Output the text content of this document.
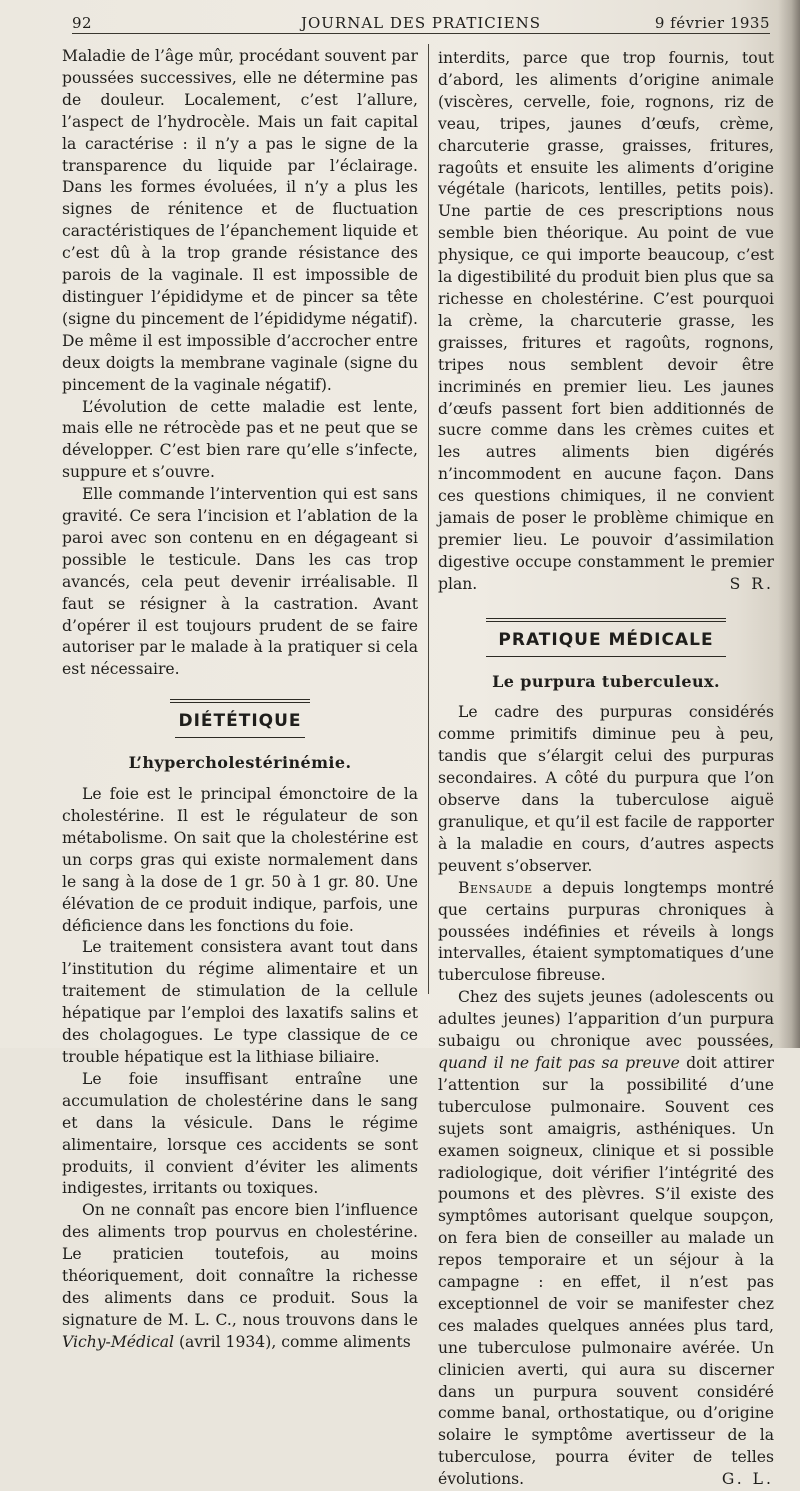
92	JOURNAL DES PRATICIENS	9 février 1935

Maladie de l’âge mûr, procédant souvent par poussées successives, elle ne détermine pas de douleur. Localement, c’est l’allure, l’aspect de l’hydrocèle. Mais un fait capital la caractérise : il n’y a pas le signe de la transparence du liquide par l’éclairage. Dans les formes évoluées, il n’y a plus les signes de rénitence et de fluctuation caractéristiques de l’épanchement liquide et c’est dû à la trop grande résistance des parois de la vaginale. Il est impossible de distinguer l’épididyme et de pincer sa tête (signe du pincement de l’épididyme négatif). De même il est impossible d’accrocher entre deux doigts la membrane vaginale (signe du pincement de la vaginale négatif).

L’évolution de cette maladie est lente, mais elle ne rétrocède pas et ne peut que se développer. C’est bien rare qu’elle s’infecte, suppure et s’ouvre.

Elle commande l’intervention qui est sans gravité. Ce sera l’incision et l’ablation de la paroi avec son contenu en en dégageant si possible le testicule. Dans les cas trop avancés, cela peut devenir irréalisable. Il faut se résigner à la castration. Avant d’opérer il est toujours prudent de se faire autoriser par le malade à la pratiquer si cela est nécessaire.

DIÉTÉTIQUE
L’hypercholestérinémie.

Le foie est le principal émonctoire de la cholestérine. Il est le régulateur de son métabolisme. On sait que la cholestérine est un corps gras qui existe normalement dans le sang à la dose de 1 gr. 50 à 1 gr. 80. Une élévation de ce produit indique, parfois, une déficience dans les fonctions du foie.

Le traitement consistera avant tout dans l’institution du régime alimentaire et un traitement de stimulation de la cellule hépatique par l’emploi des laxatifs salins et des cholagogues. Le type classique de ce trouble hépatique est la lithiase biliaire.

Le foie insuffisant entraîne une accumulation de cholestérine dans le sang et dans la vésicule. Dans le régime alimentaire, lorsque ces accidents se sont produits, il convient d’éviter les aliments indigestes, irritants ou toxiques.

On ne connaît pas encore bien l’influence des aliments trop pourvus en cholestérine. Le praticien toutefois, au moins théoriquement, doit connaître la richesse des aliments dans ce produit. Sous la signature de M. L. C., nous trouvons dans le Vichy-Médical (avril 1934), comme aliments

interdits, parce que trop fournis, tout d’abord, les aliments d’origine animale (viscères, cervelle, foie, rognons, riz de veau, tripes, jaunes d’œufs, crème, charcuterie grasse, graisses, fritures, ragoûts et ensuite les aliments d’origine végétale (haricots, lentilles, petits pois). Une partie de ces prescriptions nous semble bien théorique. Au point de vue physique, ce qui importe beaucoup, c’est la digestibilité du produit bien plus que sa richesse en cholestérine. C’est pourquoi la crème, la charcuterie grasse, les graisses, fritures et ragoûts, rognons, tripes nous semblent devoir être incriminés en premier lieu. Les jaunes d’œufs passent fort bien additionnés de sucre comme dans les crèmes cuites et les autres aliments bien digérés n’incommodent en aucune façon. Dans ces questions chimiques, il ne convient jamais de poser le problème chimique en premier lieu. Le pouvoir d’assimilation digestive occupe constamment le premier plan.	S R.

PRATIQUE MÉDICALE
Le purpura tuberculeux.

Le cadre des purpuras considérés comme primitifs diminue peu à peu, tandis que s’élargit celui des purpuras secondaires. A côté du purpura que l’on observe dans la tuberculose aiguë granulique, et qu’il est facile de rapporter à la maladie en cours, d’autres aspects peuvent s’observer.

Bensaude a depuis longtemps montré que certains purpuras chroniques à poussées indéfinies et réveils à longs intervalles, étaient symptomatiques d’une tuberculose fibreuse.

Chez des sujets jeunes (adolescents ou adultes jeunes) l’apparition d’un purpura subaigu ou chronique avec poussées, quand il ne fait pas sa preuve doit attirer l’attention sur la possibilité d’une tuberculose pulmonaire. Souvent ces sujets sont amaigris, asthéniques. Un examen soigneux, clinique et si possible radiologique, doit vérifier l’intégrité des poumons et des plèvres. S’il existe des symptômes autorisant quelque soupçon, on fera bien de conseiller au malade un repos temporaire et un séjour à la campagne : en effet, il n’est pas exceptionnel de voir se manifester chez ces malades quelques années plus tard, une tuberculose pulmonaire avérée. Un clinicien averti, qui aura su discerner dans un purpura souvent considéré comme banal, orthostatique, ou d’origine solaire le symptôme avertisseur de la tuberculose, pourra éviter de telles évolutions.	G. L.
